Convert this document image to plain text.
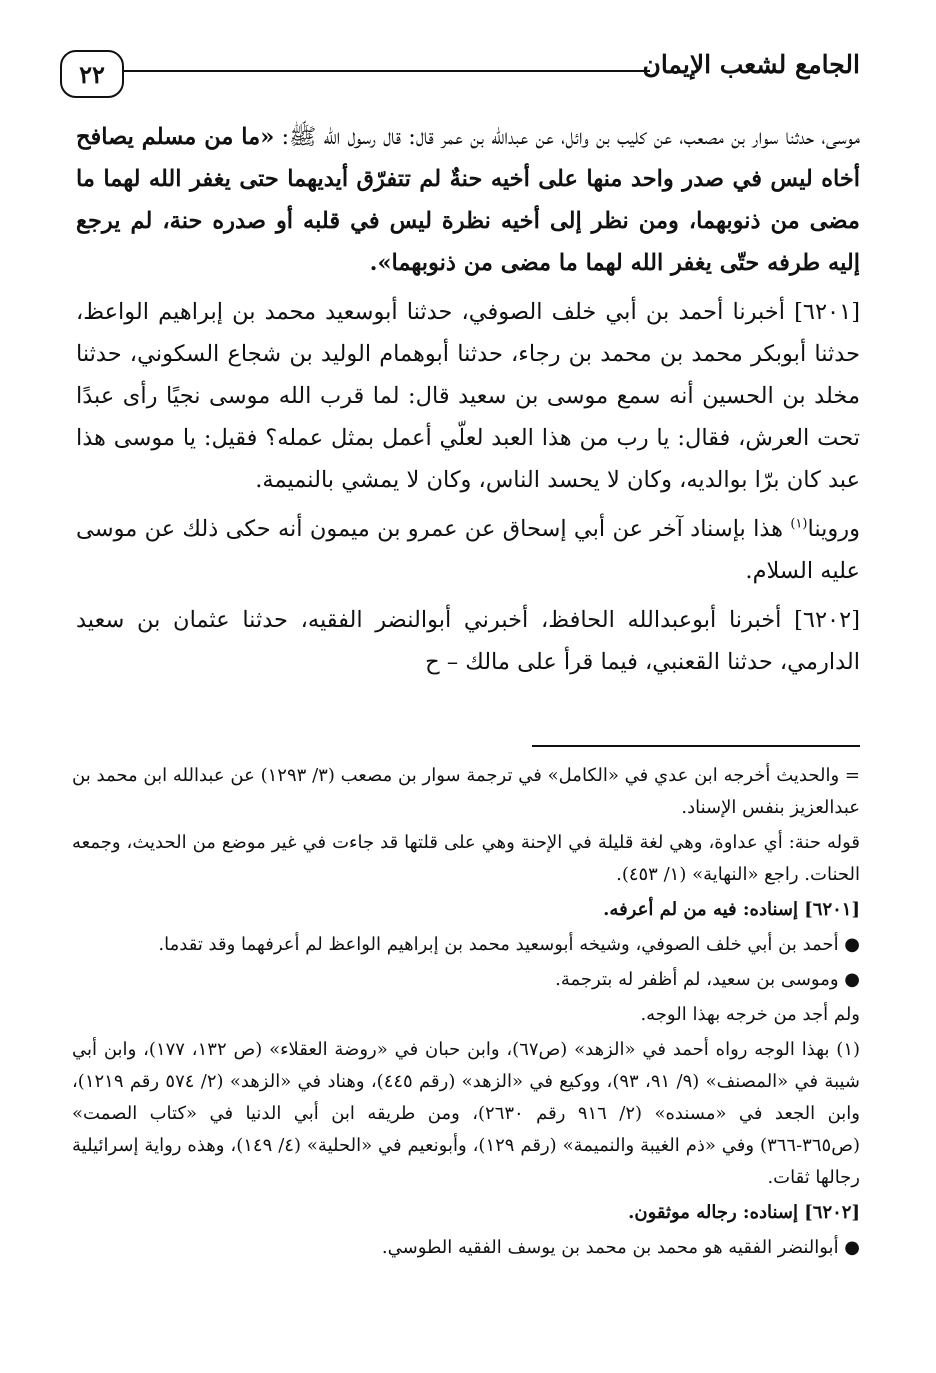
٢٢	الجامع لشعب الإيمان

موسى، حدثنا سوار بن مصعب، عن كليب بن وائل، عن عبدالله بن عمر قال: قال رسول الله ﷺ: «ما من مسلم يصافح أخاه ليس في صدر واحد منها على أخيه حنةٌ لم تتفرّق أيديهما حتى يغفر الله لهما ما مضى من ذنوبهما، ومن نظر إلى أخيه نظرة ليس في قلبه أو صدره حنة، لم يرجع إليه طرفه حتّى يغفر الله لهما ما مضى من ذنوبهما».

[٦٢٠١] أخبرنا أحمد بن أبي خلف الصوفي، حدثنا أبوسعيد محمد بن إبراهيم الواعظ، حدثنا أبوبكر محمد بن محمد بن رجاء، حدثنا أبوهمام الوليد بن شجاع السكوني، حدثنا مخلد بن الحسين أنه سمع موسى بن سعيد قال: لما قرب الله موسى نجيًا رأى عبدًا تحت العرش، فقال: يا رب من هذا العبد لعلّي أعمل بمثل عمله؟ فقيل: يا موسى هذا عبد كان برّا بوالديه، وكان لا يحسد الناس، وكان لا يمشي بالنميمة.

وروينا$^{(١)}$ هذا بإسناد آخر عن أبي إسحاق عن عمرو بن ميمون أنه حكى ذلك عن موسى عليه السلام.

[٦٢٠٢] أخبرنا أبوعبدالله الحافظ، أخبرني أبوالنضر الفقيه، حدثنا عثمان بن سعيد الدارمي، حدثنا القعنبي، فيما قرأ على مالك – ح

= والحديث أخرجه ابن عدي في «الكامل» في ترجمة سوار بن مصعب (٣/ ١٢٩٣) عن عبدالله ابن محمد بن عبدالعزيز بنفس الإسناد.

قوله حنة: أي عداوة، وهي لغة قليلة في الإحنة وهي على قلتها قد جاءت في غير موضع من الحديث، وجمعه الحنات. راجع «النهاية» (١/ ٤٥٣).

[٦٢٠١] إسناده: فيه من لم أعرفه.

● أحمد بن أبي خلف الصوفي، وشيخه أبوسعيد محمد بن إبراهيم الواعظ لم أعرفهما وقد تقدما.

● وموسى بن سعيد، لم أظفر له بترجمة.

ولم أجد من خرجه بهذا الوجه.

(١) بهذا الوجه رواه أحمد في «الزهد» (ص٦٧)، وابن حبان في «روضة العقلاء» (ص ١٣٢، ١٧٧)، وابن أبي شيبة في «المصنف» (٩/ ٩١، ٩٣)، ووكيع في «الزهد» (رقم ٤٤٥)، وهناد في «الزهد» (٢/ ٥٧٤ رقم ١٢١٩)، وابن الجعد في «مسنده» (٢/ ٩١٦ رقم ٢٦٣٠)، ومن طريقه ابن أبي الدنيا في «كتاب الصمت» (ص٣٦٥-٣٦٦) وفي «ذم الغيبة والنميمة» (رقم ١٢٩)، وأبونعيم في «الحلية» (٤/ ١٤٩)، وهذه رواية إسرائيلية رجالها ثقات.

[٦٢٠٢] إسناده: رجاله موثقون.

● أبوالنضر الفقيه هو محمد بن محمد بن يوسف الفقيه الطوسي.
